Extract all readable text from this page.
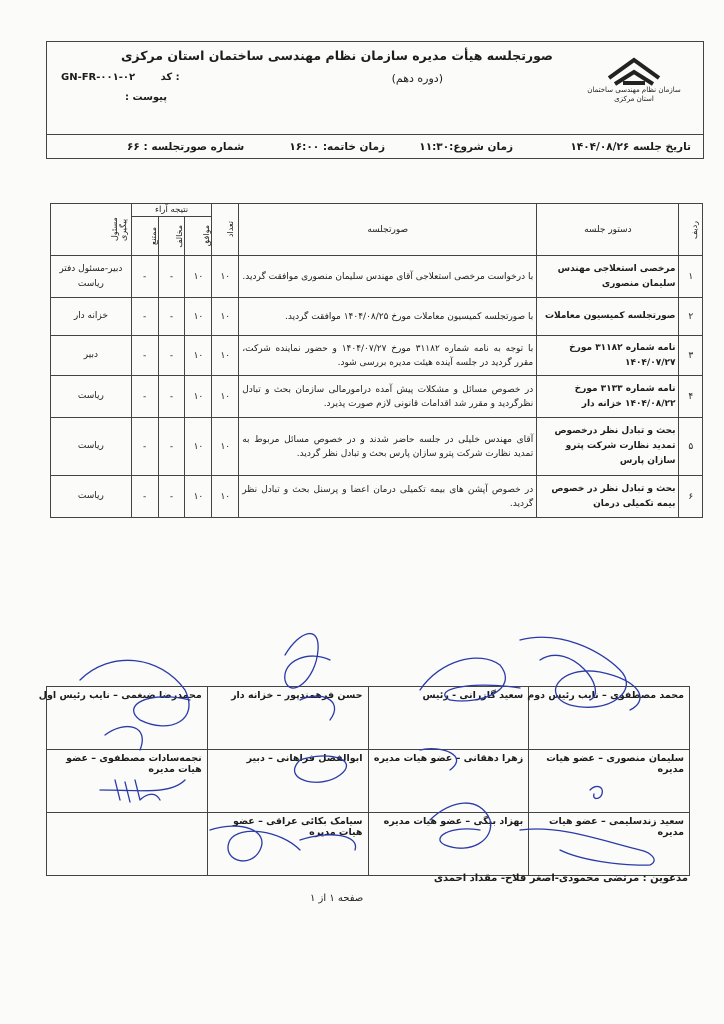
صورتجلسه هیأت مدیره سازمان نظام مهندسی ساختمان استان مرکزی
(دوره دهم)
GN-FR-۰۰۱-۰۲	کد :
پیوست :
سازمان نظام مهندسی ساختمان استان مرکزی
تاریخ جلسه ۱۴۰۴/۰۸/۲۶
زمان شروع:۱۱:۳۰
زمان خاتمه: ۱۶:۰۰
شماره صورتجلسه : ۶۶
ردیف	دستور جلسه	صورتجلسه	تعداد	نتیجه آراء			مسئول پیگیری

				موافق	مخالف	ممتنع	

۱	مرخصی استعلاجی مهندس سلیمان منصوری	با درخواست مرخصی استعلاجی آقای مهندس سلیمان منصوری موافقت گردید.	۱۰	۱۰	-	-	دبیر-مسئول دفتر ریاست
۲	صورتجلسه کمیسیون معاملات	با صورتجلسه کمیسیون معاملات مورخ ۱۴۰۴/۰۸/۲۵ موافقت گردید.	۱۰	۱۰	-	-	خزانه دار
۳	نامه شماره ۳۱۱۸۲ مورخ ۱۴۰۴/۰۷/۲۷	با توجه به نامه شماره ۳۱۱۸۲ مورخ ۱۴۰۴/۰۷/۲۷ و حضور نماینده شرکت، مقرر گردید در جلسه آینده هیئت مدیره بررسی شود.	۱۰	۱۰	-	-	دبیر
۴	نامه شماره ۳۱۳۳ مورخ ۱۴۰۴/۰۸/۲۲ خزانه دار	در خصوص مسائل و مشکلات پیش آمده درامورمالی سازمان بحث و تبادل نظرگردید و مقرر شد اقدامات قانونی لازم صورت پذیرد.	۱۰	۱۰	-	-	ریاست
۵	بحث و تبادل نظر درخصوص تمدید نظارت شرکت پترو سازان پارس	آقای مهندس خلیلی در جلسه حاضر شدند و در خصوص مسائل مربوط به تمدید نظارت شرکت پترو سازان پارس بحث و تبادل نظر گردید.	۱۰	۱۰	-	-	ریاست
۶	بحث و تبادل نظر در خصوص بیمه تکمیلی درمان	در خصوص آپشن های بیمه تکمیلی درمان اعضا و پرسنل بحث و تبادل نظر گردید.	۱۰	۱۰	-	-	ریاست
محمد مصطفوی – نایب رئیس دوم	سعید گازرانی - رئیس	حسن فرهمندپور – خزانه دار	محمدرضا ضیغمی – نایب رئیس اول
سلیمان منصوری – عضو هیات مدیره	زهرا دهقانی – عضو هیات مدیره	ابوالفضل فراهانی – دبیر	نجمه‌سادات مصطفوی – عضو هیات مدیره
سعید زندسلیمی – عضو هیات مدیره	بهزاد بیگی – عضو هیات مدیره	سیامک بکائی عراقی – عضو هیات مدیره	
مدعوین : مرتضی محمودی-اصغر فلاح- مقداد احمدی
صفحه ۱ از ۱
